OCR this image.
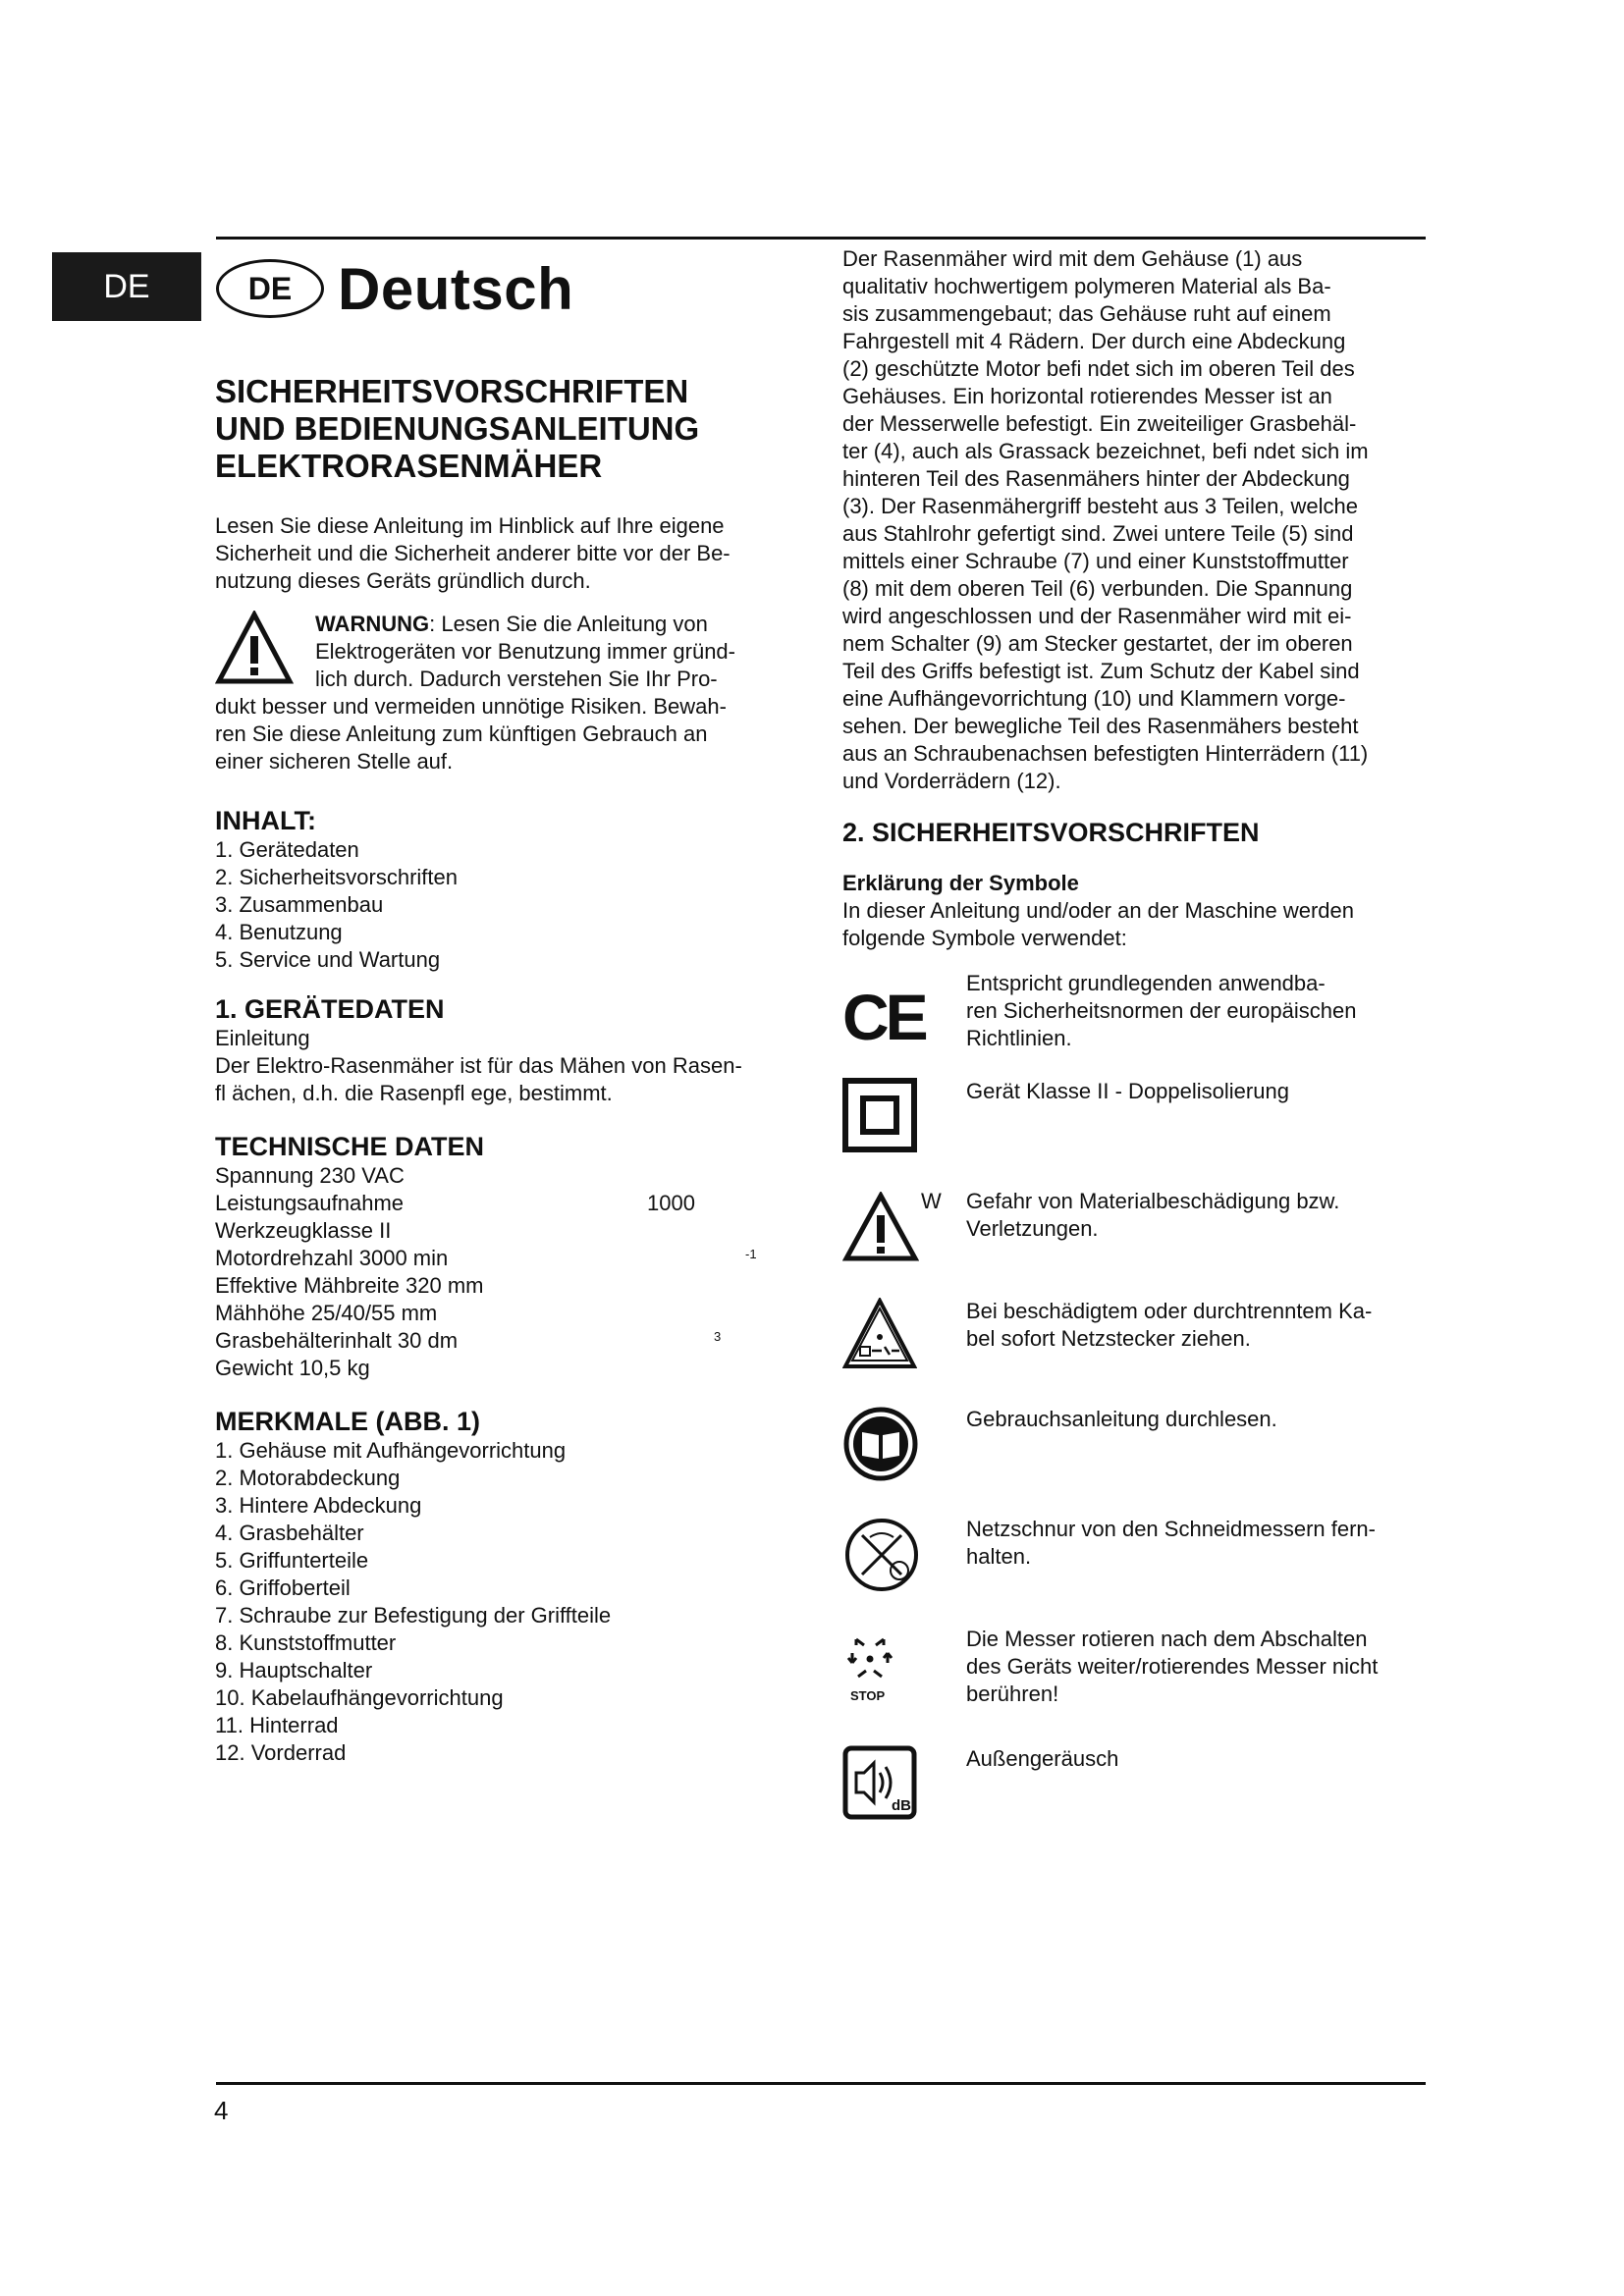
DE	DE Deutsch
SICHERHEITSVORSCHRIFTEN
UND BEDIENUNGSANLEITUNG
ELEKTRORASENMÄHER
Lesen Sie diese Anleitung im Hinblick auf Ihre eigene
Sicherheit und die Sicherheit anderer bitte vor der Be-
nutzung dieses Geräts gründlich durch.
WARNUNG: Lesen Sie die Anleitung von
Elektrogeräten vor Benutzung immer gründ-
lich durch. Dadurch verstehen Sie Ihr Pro-
dukt besser und vermeiden unnötige Risiken. Bewah-
ren Sie diese Anleitung zum künftigen Gebrauch an
einer sicheren Stelle auf.
INHALT:
1. Gerätedaten
2. Sicherheitsvorschriften
3. Zusammenbau
4. Benutzung
5. Service und Wartung
1. GERÄTEDATEN
Einleitung
Der Elektro-Rasenmäher ist für das Mähen von Rasen-
fl ächen, d.h. die Rasenpfl ege, bestimmt.
TECHNISCHE DATEN
Spannung 230 VAC
Leistungsaufnahme	1000
Werkzeugklasse II
Motordrehzahl 3000 min	-1
Effektive Mähbreite 320 mm
Mähhöhe 25/40/55 mm
Grasbehälterinhalt 30 dm	3
Gewicht 10,5 kg
MERKMALE (ABB. 1)
1. Gehäuse mit Aufhängevorrichtung
2. Motorabdeckung
3. Hintere Abdeckung
4. Grasbehälter
5. Griffunterteile
6. Griffoberteil
7. Schraube zur Befestigung der Griffteile
8. Kunststoffmutter
9. Hauptschalter
10. Kabelaufhängevorrichtung
11. Hinterrad
12. Vorderrad
Der Rasenmäher wird mit dem Gehäuse (1) aus
qualitativ hochwertigem polymeren Material als Ba-
sis zusammengebaut; das Gehäuse ruht auf einem
Fahrgestell mit 4 Rädern. Der durch eine Abdeckung
(2) geschützte Motor befi ndet sich im oberen Teil des
Gehäuses. Ein horizontal rotierendes Messer ist an
der Messerwelle befestigt. Ein zweiteiliger Grasbehäl-
ter (4), auch als Grassack bezeichnet, befi ndet sich im
hinteren Teil des Rasenmähers hinter der Abdeckung
(3). Der Rasenmähergriff besteht aus 3 Teilen, welche
aus Stahlrohr gefertigt sind. Zwei untere Teile (5) sind
mittels einer Schraube (7) und einer Kunststoffmutter
(8) mit dem oberen Teil (6) verbunden. Die Spannung
wird angeschlossen und der Rasenmäher wird mit ei-
nem Schalter (9) am Stecker gestartet, der im oberen
Teil des Griffs befestigt ist. Zum Schutz der Kabel sind
eine Aufhängevorrichtung (10) und Klammern vorge-
sehen. Der bewegliche Teil des Rasenmähers besteht
aus an Schraubenachsen befestigten Hinterrädern (11)
und Vorderrädern (12).
2. SICHERHEITSVORSCHRIFTEN
Erklärung der Symbole
In dieser Anleitung und/oder an der Maschine werden
folgende Symbole verwendet:
CE Entspricht grundlegenden anwendba-
ren Sicherheitsnormen der europäischen
Richtlinien.
Gerät Klasse II - Doppelisolierung
W Gefahr von Materialbeschädigung bzw.
Verletzungen.
Bei beschädigtem oder durchtrenntem Ka-
bel sofort Netzstecker ziehen.
Gebrauchsanleitung durchlesen.
Netzschnur von den Schneidmessern fern-
halten.
STOP
Die Messer rotieren nach dem Abschalten
des Geräts weiter/rotierendes Messer nicht
berühren!
dB
Außengeräusch
4
